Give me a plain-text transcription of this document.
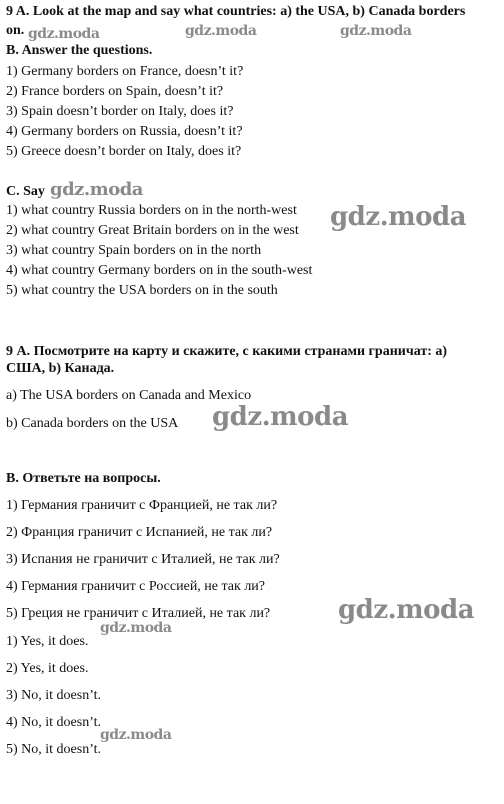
9 A. Look at the map and say what countries: a) the USA, b) Canada borders
on.
B. Answer the questions.
1) Germany borders on France, doesn’t it?
2) France borders on Spain, doesn’t it?
3) Spain doesn’t border on Italy, does it?
4) Germany borders on Russia, doesn’t it?
5) Greece doesn’t border on Italy, does it?
C. Say
1) what country Russia borders on in the north-west
2) what country Great Britain borders on in the west
3) what country Spain borders on in the north
4) what country Germany borders on in the south-west
5) what country the USA borders on in the south
9 А. Посмотрите на карту и скажите, с какими странами граничат: а)
США, b) Канада.
a) The USA borders on Canada and Mexico
b) Canada borders on the USA
В. Ответьте на вопросы.
1) Германия граничит с Францией, не так ли?
2) Франция граничит с Испанией, не так ли?
3) Испания не граничит с Италией, не так ли?
4) Германия граничит с Россией, не так ли?
5) Греция не граничит с Италией, не так ли?
1) Yes, it does.
2) Yes, it does.
3) No, it doesn’t.
4) No, it doesn’t.
5) No, it doesn’t.
gdz.moda	gdz.moda	gdz.moda
gdz.moda
gdz.moda
gdz.moda
gdz.moda
gdz.moda
gdz.moda
